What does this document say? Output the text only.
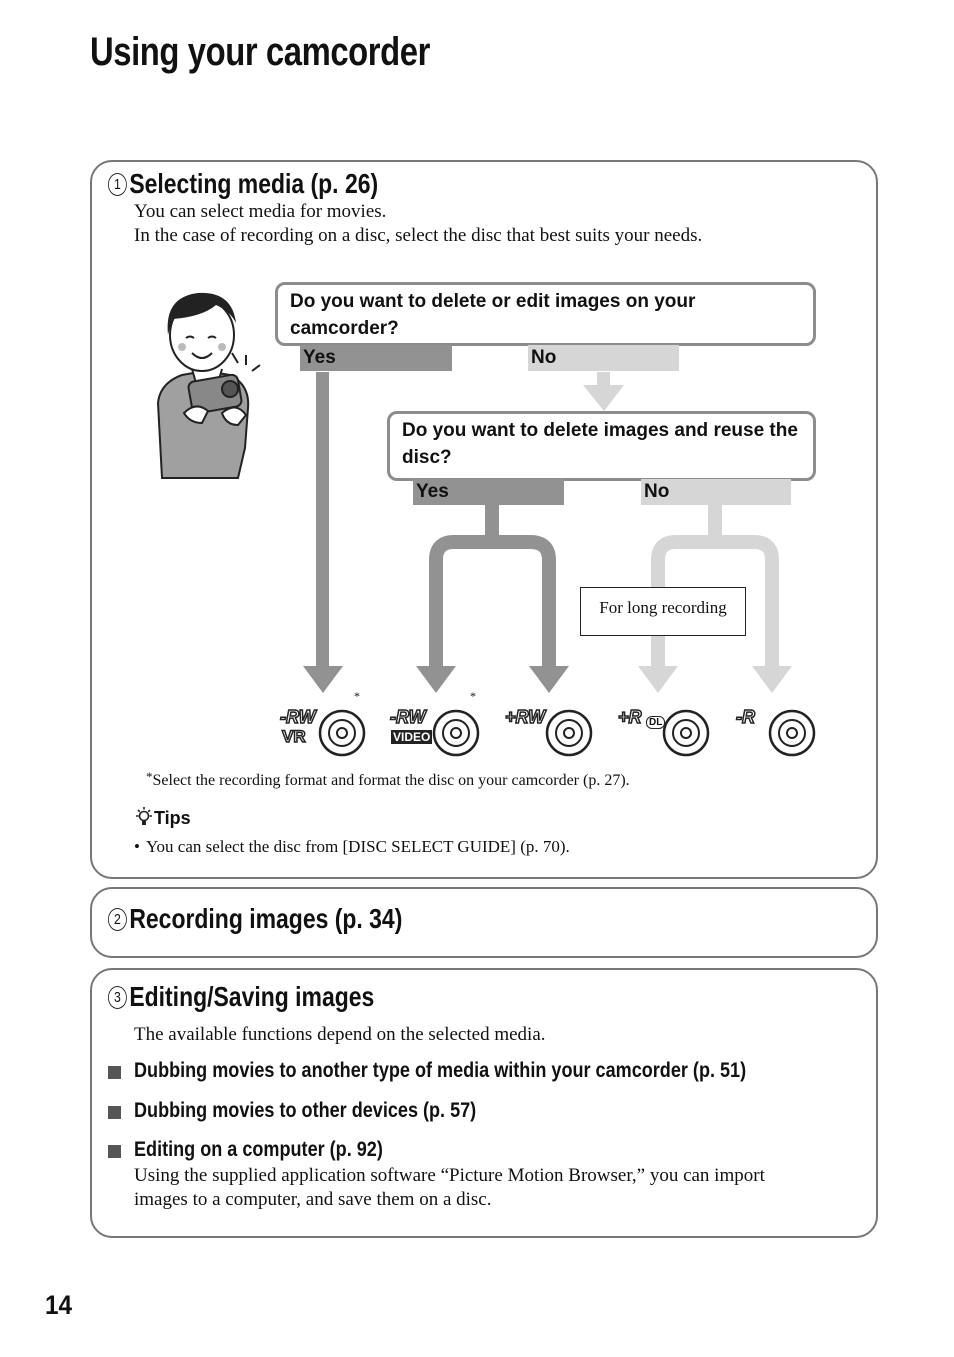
Using your camcorder
1 Selecting media (p. 26)
You can select media for movies.
In the case of recording on a disc, select the disc that best suits your needs.
Do you want to delete or edit images on your camcorder?
Yes	No
Do you want to delete images and reuse the disc?
Yes	No
For long recording
-RW
VR
*
-RW
VIDEO
*
+RW	+R DL	-R
*Select the recording format and format the disc on your camcorder (p. 27).
Tips
• You can select the disc from [DISC SELECT GUIDE] (p. 70).
2 Recording images (p. 34)
3 Editing/Saving images
The available functions depend on the selected media.
Dubbing movies to another type of media within your camcorder (p. 51)
Dubbing movies to other devices (p. 57)
Editing on a computer (p. 92)
Using the supplied application software “Picture Motion Browser,” you can import
images to a computer, and save them on a disc.
14
